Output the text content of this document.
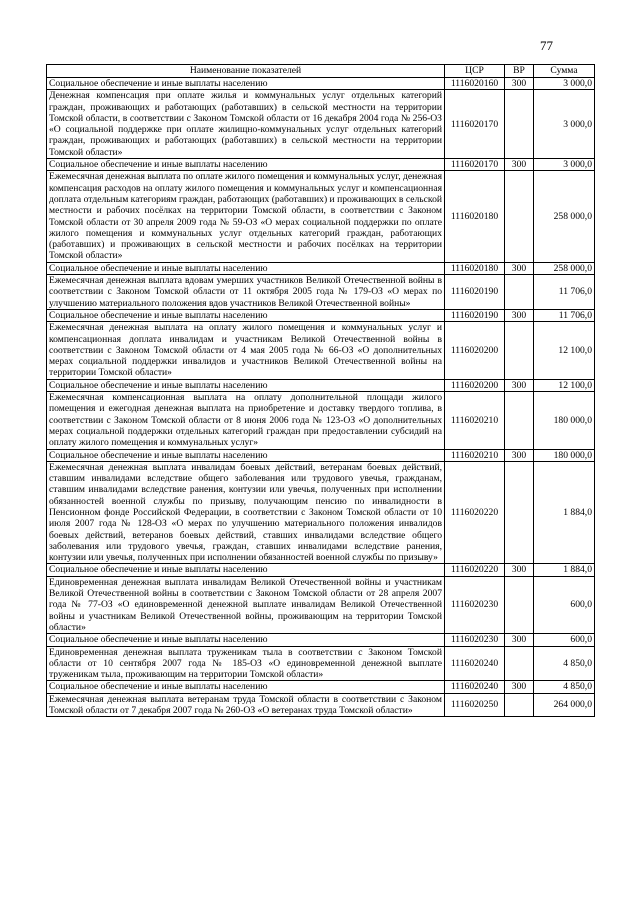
77
Наименование показателей	ЦСР	ВР	Сумма
Социальное обеспечение и иные выплаты населению	1116020160	300	3 000,0
Денежная компенсация при оплате жилья и коммунальных услуг отдельных категорий граждан, проживающих и работающих (работавших) в сельской местности на территории Томской области, в соответствии с Законом Томской области от 16 декабря 2004 года № 256-ОЗ «О социальной поддержке при оплате жилищно-коммунальных услуг отдельных категорий граждан, проживающих и работающих (работавших) в сельской местности на территории Томской области»	1116020170		3 000,0
Социальное обеспечение и иные выплаты населению	1116020170	300	3 000,0
Ежемесячная денежная выплата по оплате жилого помещения и коммунальных услуг, денежная компенсация расходов на оплату жилого помещения и коммунальных услуг и компенсационная доплата отдельным категориям граждан, работающих (работавших) и проживающих в сельской местности и рабочих посёлках на территории Томской области, в соответствии с Законом Томской области от 30 апреля 2009 года № 59-ОЗ «О мерах социальной поддержки по оплате жилого помещения и коммунальных услуг отдельных категорий граждан, работающих (работавших) и проживающих в сельской местности и рабочих посёлках на территории Томской области»	1116020180		258 000,0
Социальное обеспечение и иные выплаты населению	1116020180	300	258 000,0
Ежемесячная денежная выплата вдовам умерших участников Великой Отечественной войны в соответствии с Законом Томской области от 11 октября 2005 года № 179-ОЗ «О мерах по улучшению материального положения вдов участников Великой Отечественной войны»	1116020190		11 706,0
Социальное обеспечение и иные выплаты населению	1116020190	300	11 706,0
Ежемесячная денежная выплата на оплату жилого помещения и коммунальных услуг и компенсационная доплата инвалидам и участникам Великой Отечественной войны в соответствии с Законом Томской области от 4 мая 2005 года № 66-ОЗ «О дополнительных мерах социальной поддержки инвалидов и участников Великой Отечественной войны на территории Томской области»	1116020200		12 100,0
Социальное обеспечение и иные выплаты населению	1116020200	300	12 100,0
Ежемесячная компенсационная выплата на оплату дополнительной площади жилого помещения и ежегодная денежная выплата на приобретение и доставку твердого топлива, в соответствии с Законом Томской области от 8 июня 2006 года № 123-ОЗ «О дополнительных мерах социальной поддержки отдельных категорий граждан при предоставлении субсидий на оплату жилого помещения и коммунальных услуг»	1116020210		180 000,0
Социальное обеспечение и иные выплаты населению	1116020210	300	180 000,0
Ежемесячная денежная выплата инвалидам боевых действий, ветеранам боевых действий, ставшим инвалидами вследствие общего заболевания или трудового увечья, гражданам, ставшим инвалидами вследствие ранения, контузии или увечья, полученных при исполнении обязанностей военной службы по призыву, получающим пенсию по инвалидности в Пенсионном фонде Российской Федерации, в соответствии с Законом Томской области от 10 июля 2007 года № 128-ОЗ «О мерах по улучшению материального положения инвалидов боевых действий, ветеранов боевых действий, ставших инвалидами вследствие общего заболевания или трудового увечья, граждан, ставших инвалидами вследствие ранения, контузии или увечья, полученных при исполнении обязанностей военной службы по призыву»	1116020220		1 884,0
Социальное обеспечение и иные выплаты населению	1116020220	300	1 884,0
Единовременная денежная выплата инвалидам Великой Отечественной войны и участникам Великой Отечественной войны в соответствии с Законом Томской области от 28 апреля 2007 года № 77-ОЗ «О единовременной денежной выплате инвалидам Великой Отечественной войны и участникам Великой Отечественной войны, проживающим на территории Томской области»	1116020230		600,0
Социальное обеспечение и иные выплаты населению	1116020230	300	600,0
Единовременная денежная выплата труженикам тыла в соответствии с Законом Томской области от 10 сентября 2007 года № 185-ОЗ «О единовременной денежной выплате труженикам тыла, проживающим на территории Томской области»	1116020240		4 850,0
Социальное обеспечение и иные выплаты населению	1116020240	300	4 850,0
Ежемесячная денежная выплата ветеранам труда Томской области в соответствии с Законом Томской области от 7 декабря 2007 года № 260-ОЗ «О ветеранах труда Томской области»	1116020250		264 000,0
